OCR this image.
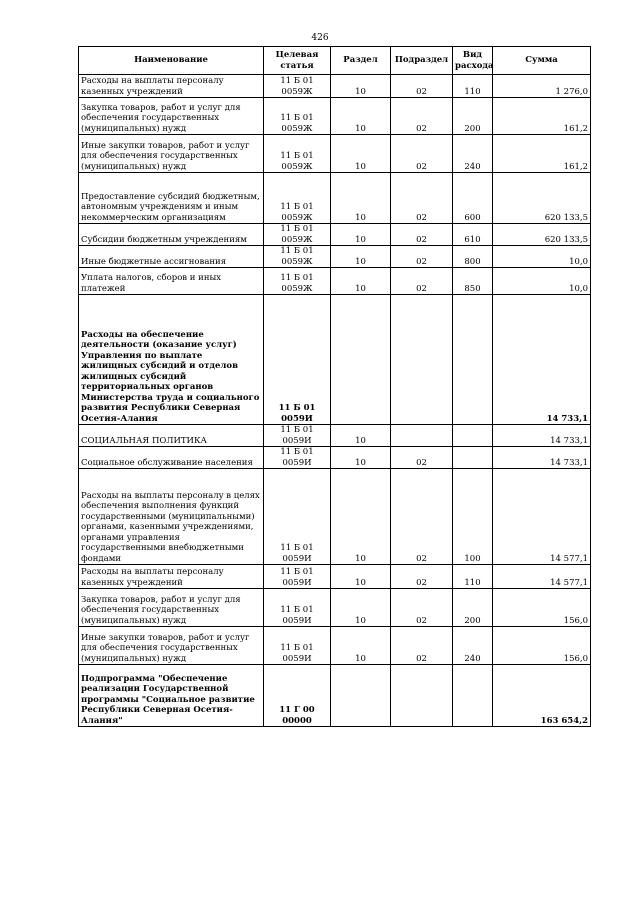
426
Наименование	Целевая статья	Раздел	Подраздел	Вид расхода	Сумма
Расходы на выплаты персоналу казенных учреждений	11 Б 01 0059Ж	10	02	110	1 276,0
Закупка товаров, работ и услуг для обеспечения государственных (муниципальных) нужд	11 Б 01 0059Ж	10	02	200	161,2
Иные закупки товаров, работ и услуг для обеспечения государственных (муниципальных) нужд	11 Б 01 0059Ж	10	02	240	161,2
Предоставление субсидий бюджетным, автономным учреждениям и иным некоммерческим организациям	11 Б 01 0059Ж	10	02	600	620 133,5
Субсидии бюджетным учреждениям	11 Б 01 0059Ж	10	02	610	620 133,5
Иные бюджетные ассигнования	11 Б 01 0059Ж	10	02	800	10,0
Уплата налогов, сборов и иных платежей	11 Б 01 0059Ж	10	02	850	10,0
Расходы на обеспечение деятельности (оказание услуг) Управления по выплате жилищных субсидий и отделов жилищных субсидий территориальных органов Министерства труда и социального развития Республики Северная Осетия-Алания	11 Б 01 0059И				14 733,1
СОЦИАЛЬНАЯ ПОЛИТИКА	11 Б 01 0059И	10			14 733,1
Социальное обслуживание населения	11 Б 01 0059И	10	02		14 733,1
Расходы на выплаты персоналу в целях обеспечения выполнения функций государственными (муниципальными) органами, казенными учреждениями, органами управления государственными внебюджетными фондами	11 Б 01 0059И	10	02	100	14 577,1
Расходы на выплаты персоналу казенных учреждений	11 Б 01 0059И	10	02	110	14 577,1
Закупка товаров, работ и услуг для обеспечения государственных (муниципальных) нужд	11 Б 01 0059И	10	02	200	156,0
Иные закупки товаров, работ и услуг для обеспечения государственных (муниципальных) нужд	11 Б 01 0059И	10	02	240	156,0
Подпрограмма "Обеспечение реализации Государственной программы "Социальное развитие Республики Северная Осетия-Алания"	11 Г 00 00000				163 654,2
